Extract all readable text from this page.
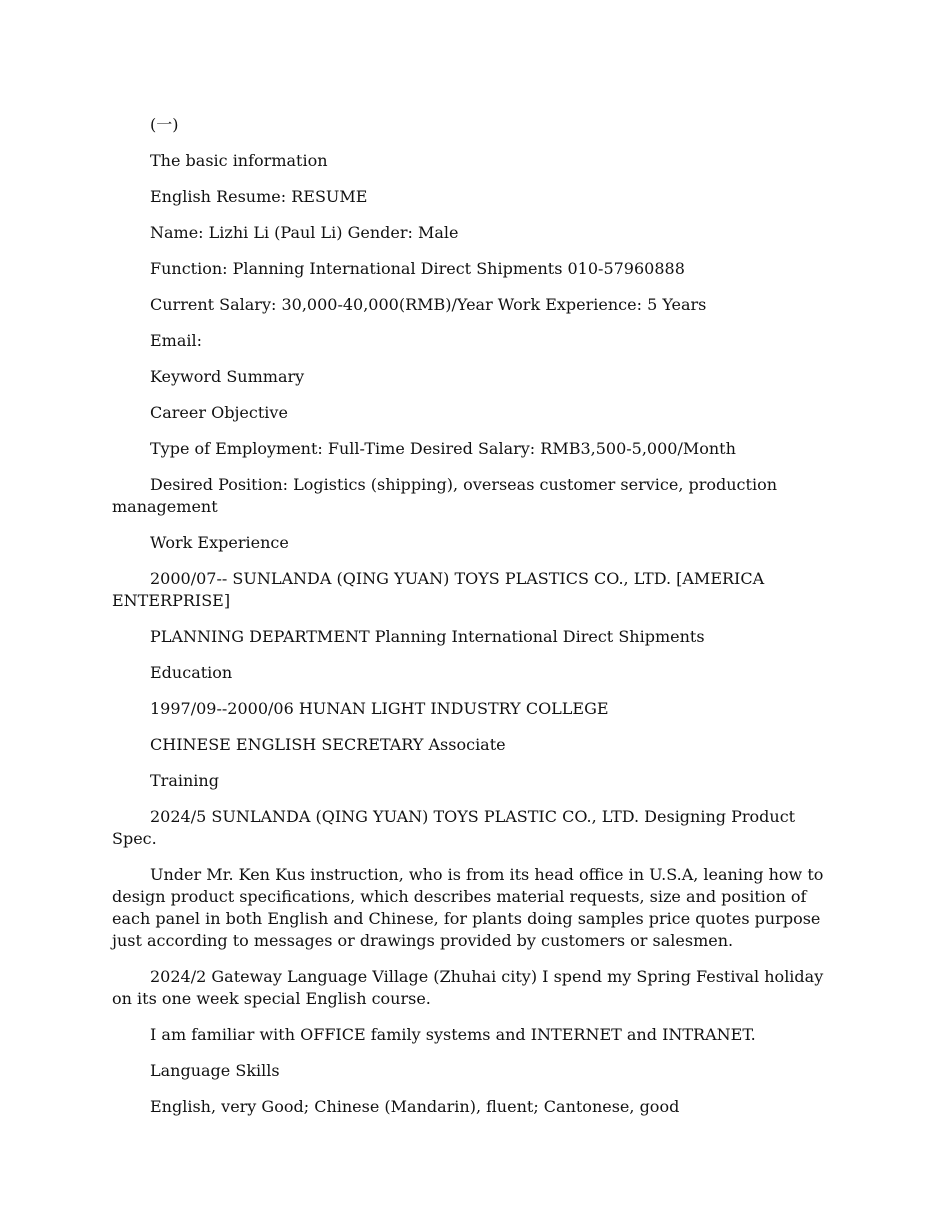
(一)

The basic information

English Resume: RESUME

Name: Lizhi Li (Paul Li) Gender: Male

Function: Planning International Direct Shipments 010-57960888

Current Salary: 30,000-40,000(RMB)/Year Work Experience: 5 Years

Email:

Keyword Summary

Career Objective

Type of Employment: Full-Time Desired Salary: RMB3,500-5,000/Month

Desired Position: Logistics (shipping), overseas customer service, production management

Work Experience

2000/07-- SUNLANDA (QING YUAN) TOYS PLASTICS CO., LTD. [AMERICA ENTERPRISE]

PLANNING DEPARTMENT Planning International Direct Shipments

Education

1997/09--2000/06 HUNAN LIGHT INDUSTRY COLLEGE

CHINESE ENGLISH SECRETARY Associate

Training

2024/5 SUNLANDA (QING YUAN) TOYS PLASTIC CO., LTD. Designing Product Spec.

Under Mr. Ken Kus instruction, who is from its head office in U.S.A, leaning how to design product specifications, which describes material requests, size and position of each panel in both English and Chinese, for plants doing samples price quotes purpose just according to messages or drawings provided by customers or salesmen.

2024/2 Gateway Language Village (Zhuhai city) I spend my Spring Festival holiday on its one week special English course.

I am familiar with OFFICE family systems and INTERNET and INTRANET.

Language Skills

English, very Good; Chinese (Mandarin), fluent; Cantonese, good
